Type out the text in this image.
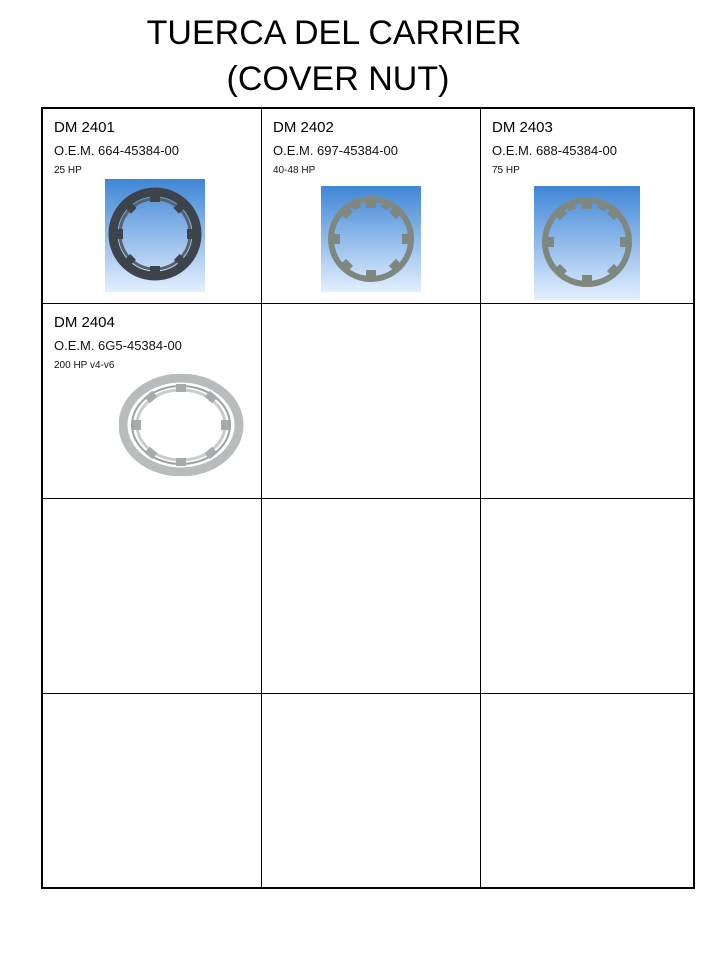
TUERCA DEL CARRIER
(COVER NUT)
DM 2401
O.E.M. 664-45384-00
25 HP
DM 2402
O.E.M. 697-45384-00
40-48 HP
DM 2403
O.E.M. 688-45384-00
75 HP
DM 2404
O.E.M. 6G5-45384-00
200 HP v4-v6
